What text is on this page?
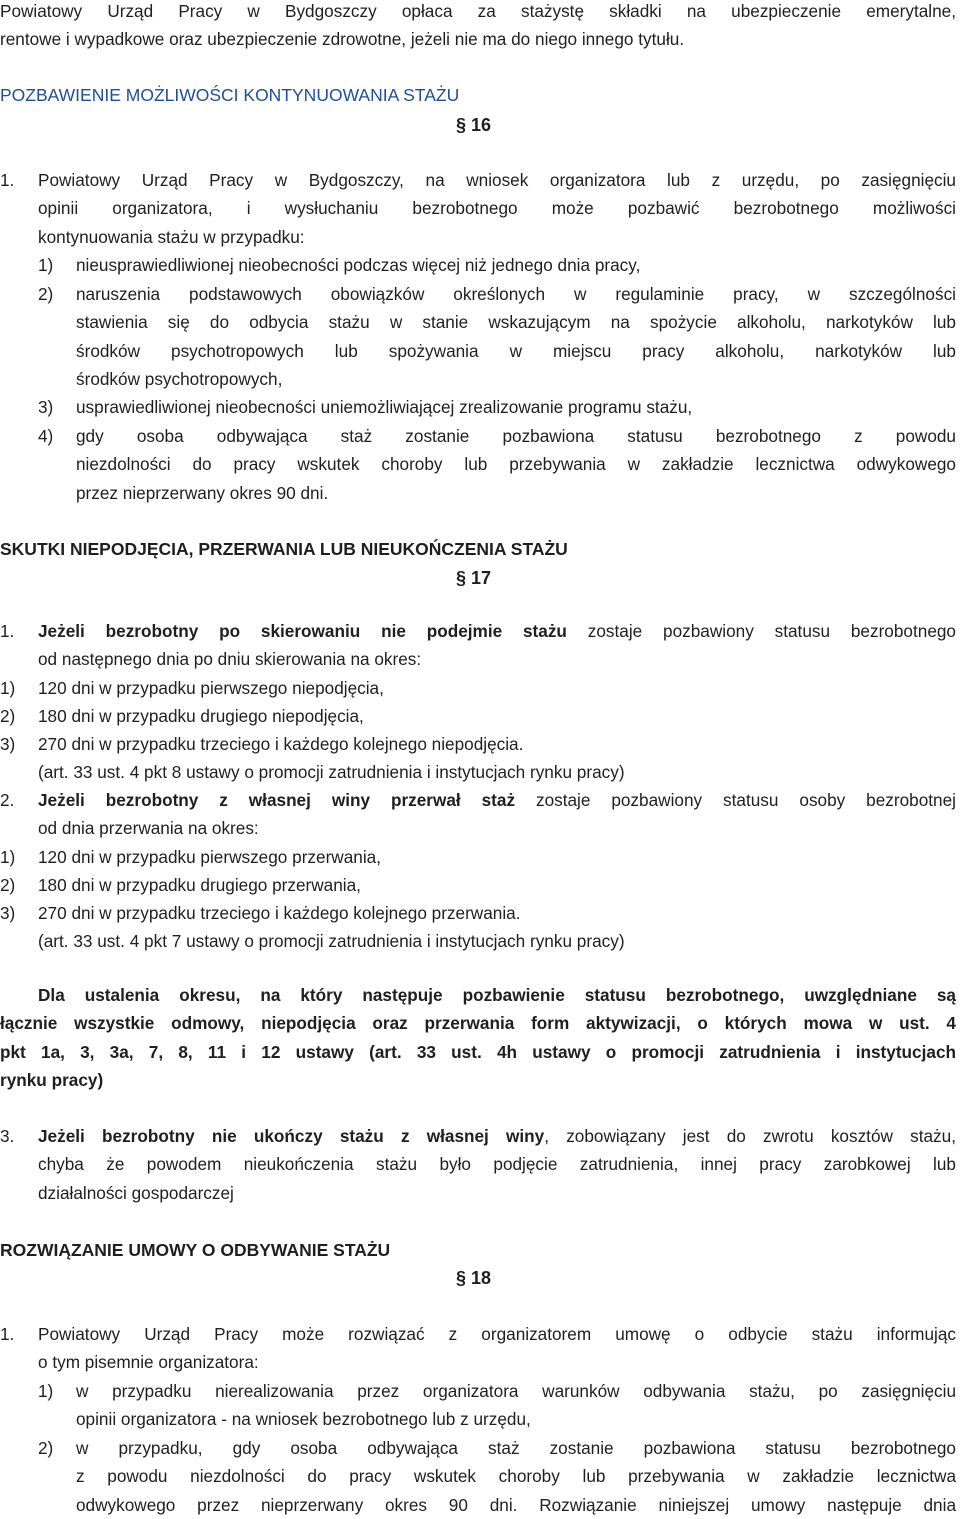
Powiatowy Urząd Pracy w Bydgoszczy opłaca za stażystę składki na ubezpieczenie emerytalne,
rentowe i wypadkowe oraz ubezpieczenie zdrowotne, jeżeli nie ma do niego innego tytułu.
POZBAWIENIE MOŻLIWOŚCI KONTYNUOWANIA STAŻU
§ 16
1. Powiatowy Urząd Pracy w Bydgoszczy, na wniosek organizatora lub z urzędu, po zasięgnięciu
opinii organizatora, i wysłuchaniu bezrobotnego może pozbawić bezrobotnego możliwości
kontynuowania stażu w przypadku:
1) nieusprawiedliwionej nieobecności podczas więcej niż jednego dnia pracy,
2) naruszenia podstawowych obowiązków określonych w regulaminie pracy, w szczególności
stawienia się do odbycia stażu w stanie wskazującym na spożycie alkoholu, narkotyków lub
środków psychotropowych lub spożywania w miejscu pracy alkoholu, narkotyków lub
środków psychotropowych,
3) usprawiedliwionej nieobecności uniemożliwiającej zrealizowanie programu stażu,
4) gdy osoba odbywająca staż zostanie pozbawiona statusu bezrobotnego z powodu
niezdolności do pracy wskutek choroby lub przebywania w zakładzie lecznictwa odwykowego
przez nieprzerwany okres 90 dni.
SKUTKI NIEPODJĘCIA, PRZERWANIA LUB NIEUKOŃCZENIA STAŻU
§ 17
1. Jeżeli bezrobotny po skierowaniu nie podejmie stażu zostaje pozbawiony statusu bezrobotnego
od następnego dnia po dniu skierowania na okres:
1) 120 dni w przypadku pierwszego niepodjęcia,
2) 180 dni w przypadku drugiego niepodjęcia,
3) 270 dni w przypadku trzeciego i każdego kolejnego niepodjęcia.
(art. 33 ust. 4 pkt 8 ustawy o promocji zatrudnienia i instytucjach rynku pracy)
2. Jeżeli bezrobotny z własnej winy przerwał staż zostaje pozbawiony statusu osoby bezrobotnej
od dnia przerwania na okres:
1) 120 dni w przypadku pierwszego przerwania,
2) 180 dni w przypadku drugiego przerwania,
3) 270 dni w przypadku trzeciego i każdego kolejnego przerwania.
(art. 33 ust. 4 pkt 7 ustawy o promocji zatrudnienia i instytucjach rynku pracy)
Dla ustalenia okresu, na który następuje pozbawienie statusu bezrobotnego, uwzględniane są
łącznie wszystkie odmowy, niepodjęcia oraz przerwania form aktywizacji, o których mowa w ust. 4
pkt 1a, 3, 3a, 7, 8, 11 i 12 ustawy (art. 33 ust. 4h ustawy o promocji zatrudnienia i instytucjach
rynku pracy)
3. Jeżeli bezrobotny nie ukończy stażu z własnej winy, zobowiązany jest do zwrotu kosztów stażu,
chyba że powodem nieukończenia stażu było podjęcie zatrudnienia, innej pracy zarobkowej lub
działalności gospodarczej
ROZWIĄZANIE UMOWY O ODBYWANIE STAŻU
§ 18
1. Powiatowy Urząd Pracy może rozwiązać z organizatorem umowę o odbycie stażu informując
o tym pisemnie organizatora:
1) w przypadku nierealizowania przez organizatora warunków odbywania stażu, po zasięgnięciu
opinii organizatora - na wniosek bezrobotnego lub z urzędu,
2) w przypadku, gdy osoba odbywająca staż zostanie pozbawiona statusu bezrobotnego
z powodu niezdolności do pracy wskutek choroby lub przebywania w zakładzie lecznictwa
odwykowego przez nieprzerwany okres 90 dni. Rozwiązanie niniejszej umowy następuje dnia
